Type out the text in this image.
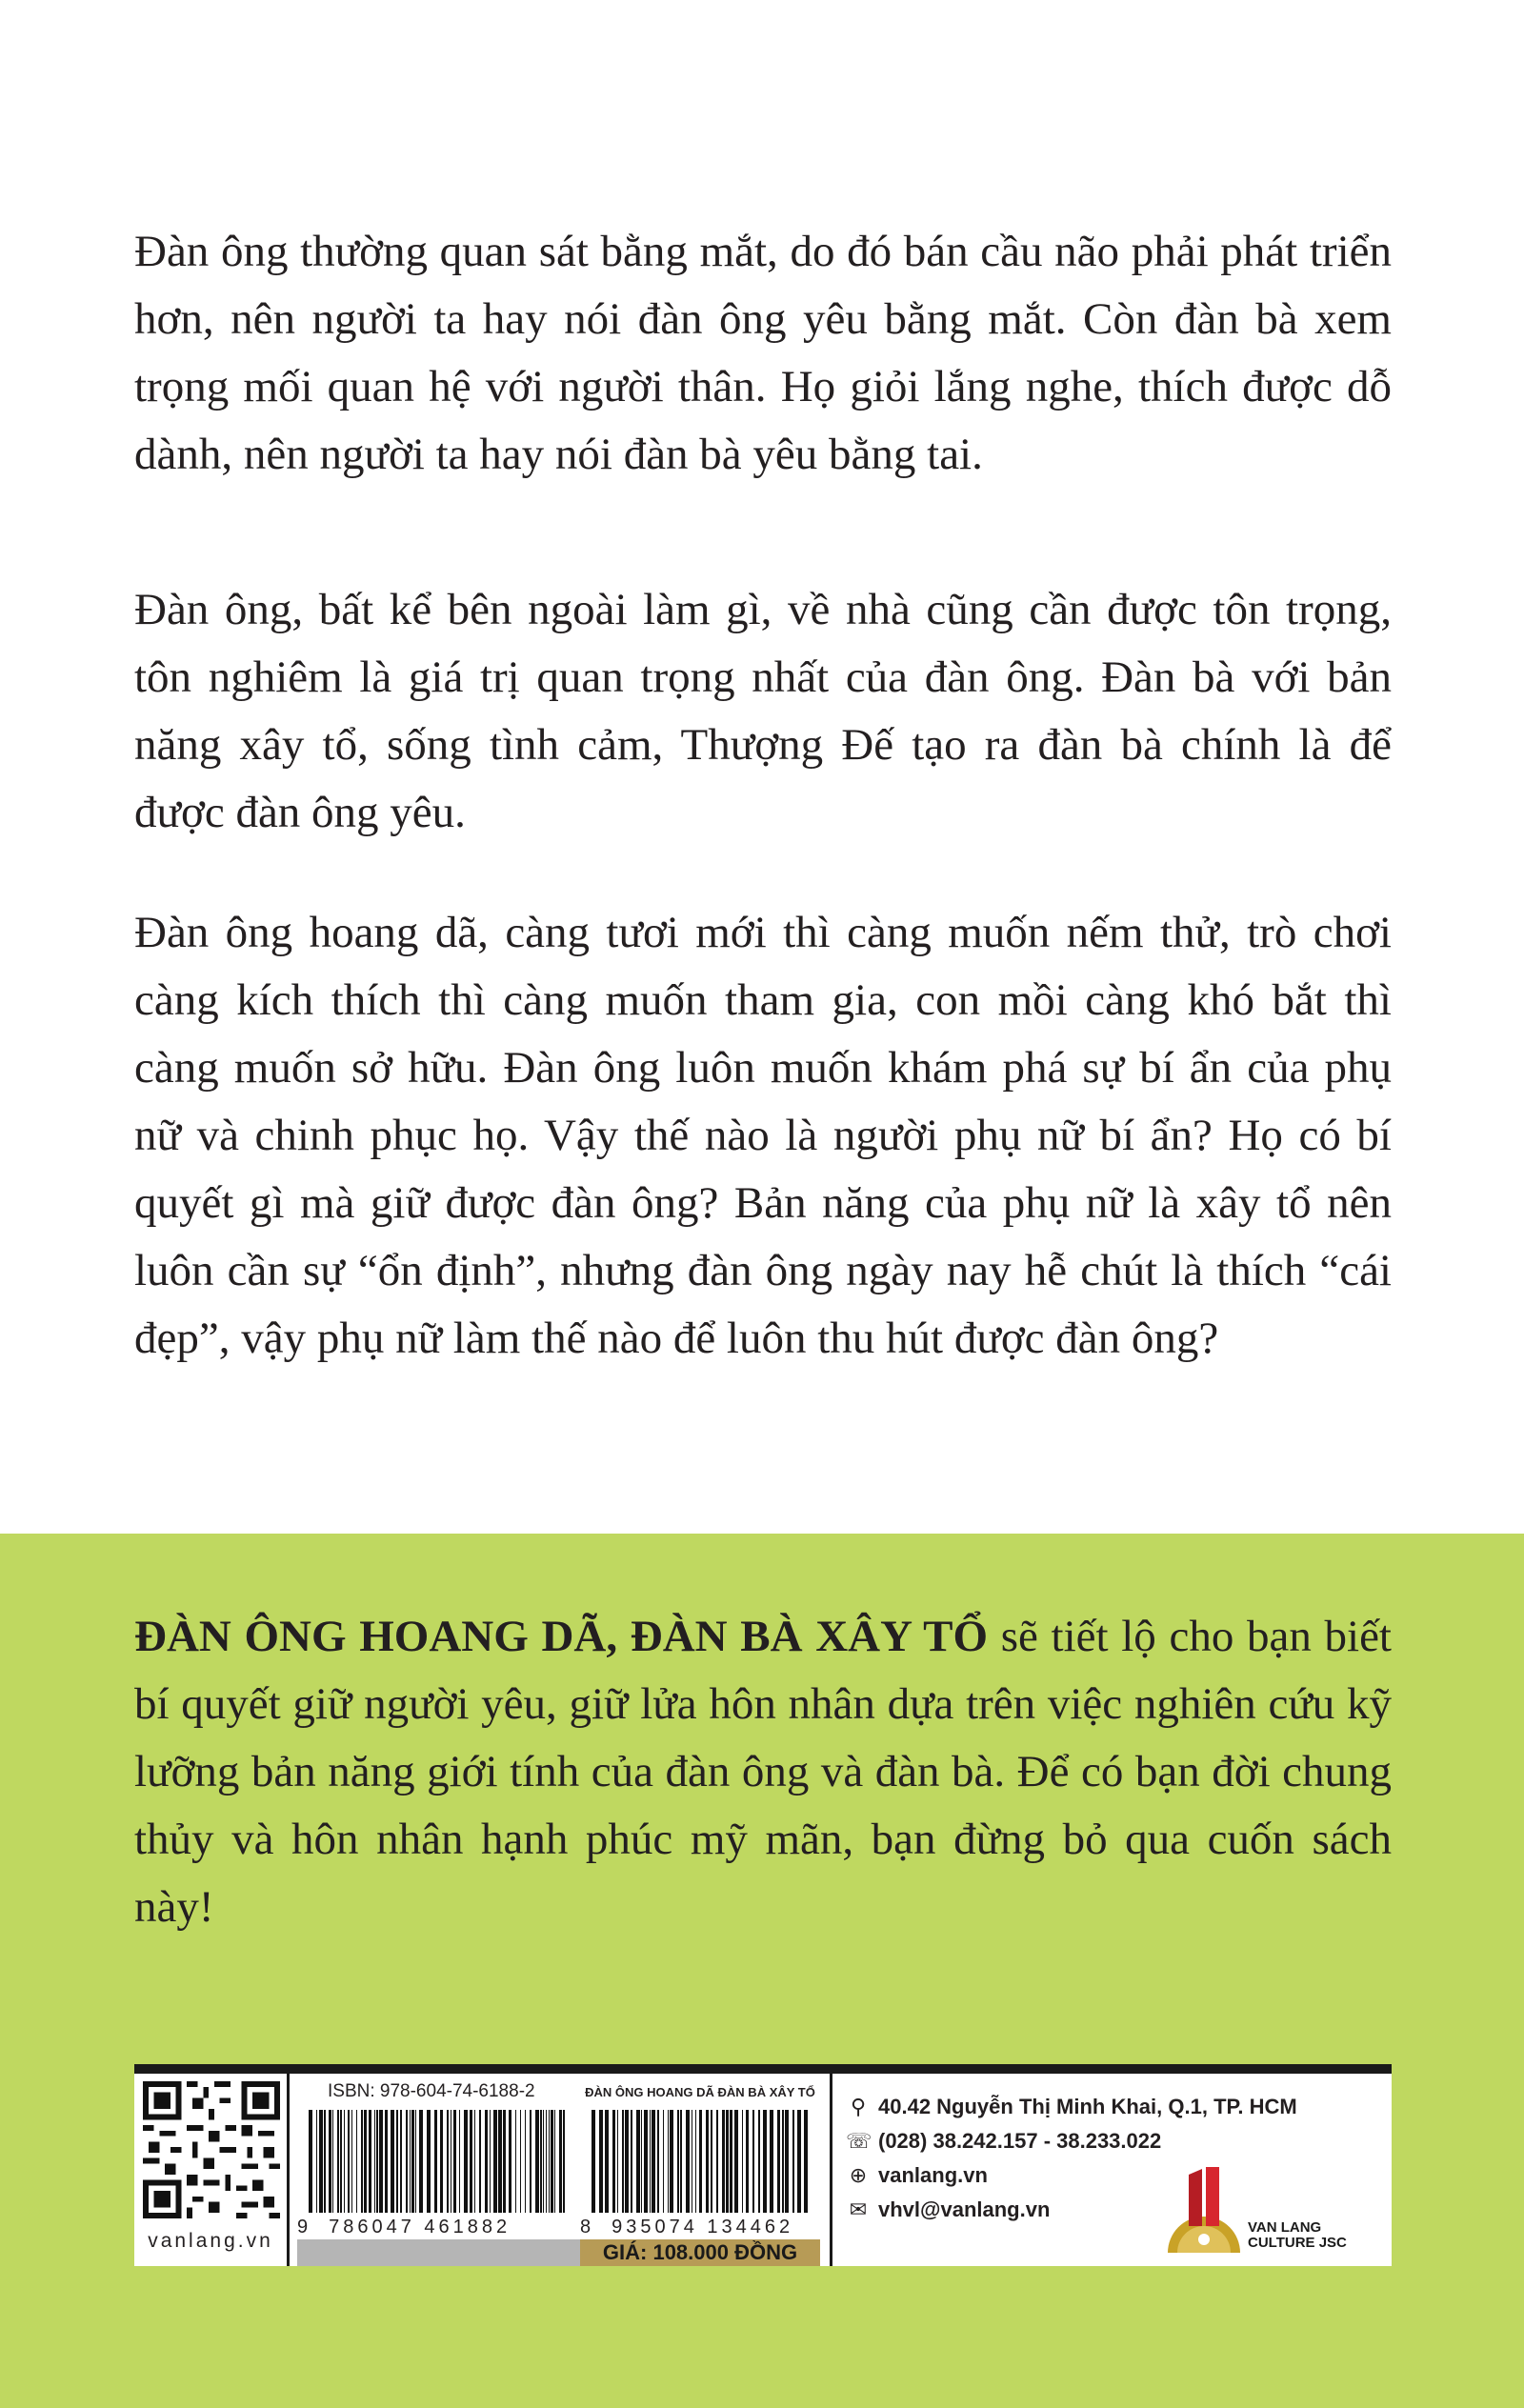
Đàn ông thường quan sát bằng mắt, do đó bán cầu não phải phát triển hơn, nên người ta hay nói đàn ông yêu bằng mắt. Còn đàn bà xem trọng mối quan hệ với người thân. Họ giỏi lắng nghe, thích được dỗ dành, nên người ta hay nói đàn bà yêu bằng tai.

Đàn ông, bất kể bên ngoài làm gì, về nhà cũng cần được tôn trọng, tôn nghiêm là giá trị quan trọng nhất của đàn ông. Đàn bà với bản năng xây tổ, sống tình cảm, Thượng Đế tạo ra đàn bà chính là để được đàn ông yêu.

Đàn ông hoang dã, càng tươi mới thì càng muốn nếm thử, trò chơi càng kích thích thì càng muốn tham gia, con mồi càng khó bắt thì càng muốn sở hữu. Đàn ông luôn muốn khám phá sự bí ẩn của phụ nữ và chinh phục họ. Vậy thế nào là người phụ nữ bí ẩn? Họ có bí quyết gì mà giữ được đàn ông? Bản năng của phụ nữ là xây tổ nên luôn cần sự “ổn định”, nhưng đàn ông ngày nay hễ chút là thích “cái đẹp”, vậy phụ nữ làm thế nào để luôn thu hút được đàn ông?

ĐÀN ÔNG HOANG DÃ, ĐÀN BÀ XÂY TỔ sẽ tiết lộ cho bạn biết bí quyết giữ người yêu, giữ lửa hôn nhân dựa trên việc nghiên cứu kỹ lưỡng bản năng giới tính của đàn ông và đàn bà. Để có bạn đời chung thủy và hôn nhân hạnh phúc mỹ mãn, bạn đừng bỏ qua cuốn sách này!

vanlang.vn
ISBN: 978-604-74-6188-2
9 786047 461882
ĐÀN ÔNG HOANG DÃ ĐÀN BÀ XÂY TỔ
8 935074 134462
GIÁ: 108.000 ĐỒNG
⚲ 40.42 Nguyễn Thị Minh Khai, Q.1, TP. HCM
☏ (028) 38.242.157 - 38.233.022
⊕ vanlang.vn
✉ vhvl@vanlang.vn
VAN LANG
CULTURE JSC
